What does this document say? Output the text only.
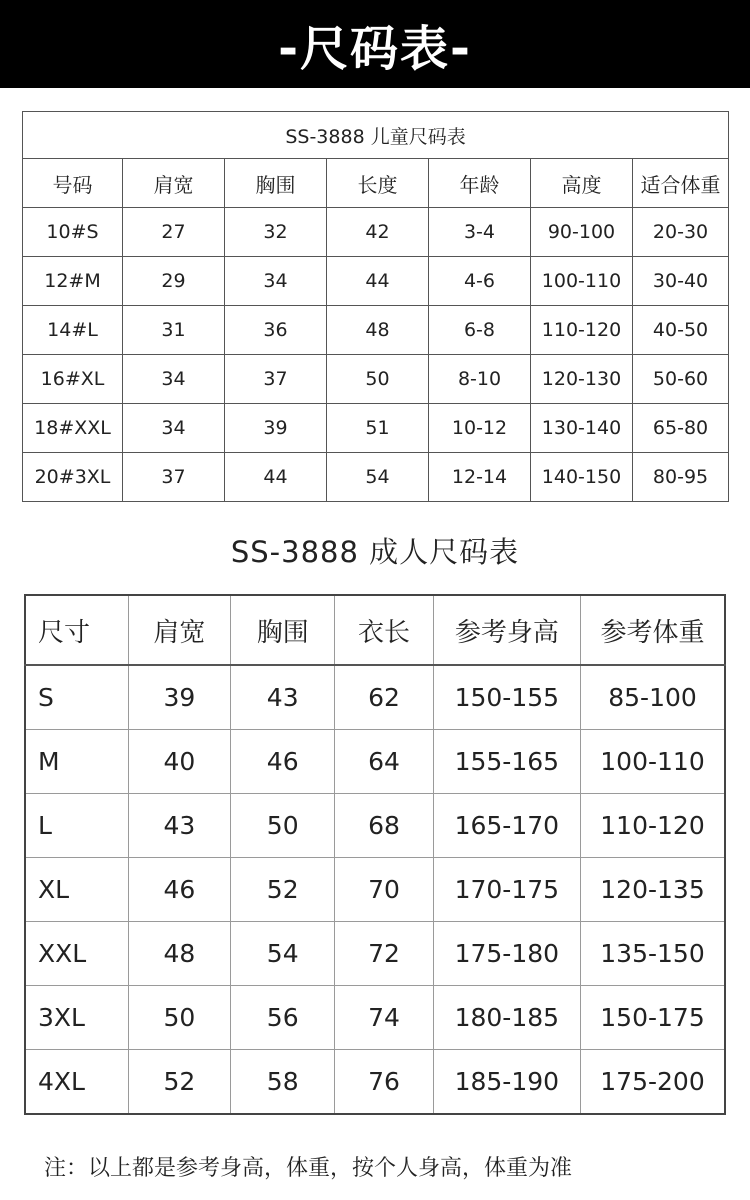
-尺码表-
SS-3888 儿童尺码表						
号码	肩宽	胸围	长度	年龄	高度	适合体重
10#S	27	32	42	3-4	90-100	20-30
12#M	29	34	44	4-6	100-110	30-40
14#L	31	36	48	6-8	110-120	40-50
16#XL	34	37	50	8-10	120-130	50-60
18#XXL	34	39	51	10-12	130-140	65-80
20#3XL	37	44	54	12-14	140-150	80-95
SS-3888 成人尺码表
尺寸	肩宽	胸围	衣长	参考身高	参考体重
S	39	43	62	150-155	85-100
M	40	46	64	155-165	100-110
L	43	50	68	165-170	110-120
XL	46	52	70	170-175	120-135
XXL	48	54	72	175-180	135-150
3XL	50	56	74	180-185	150-175
4XL	52	58	76	185-190	175-200
注：以上都是参考身高，体重，按个人身高，体重为准
